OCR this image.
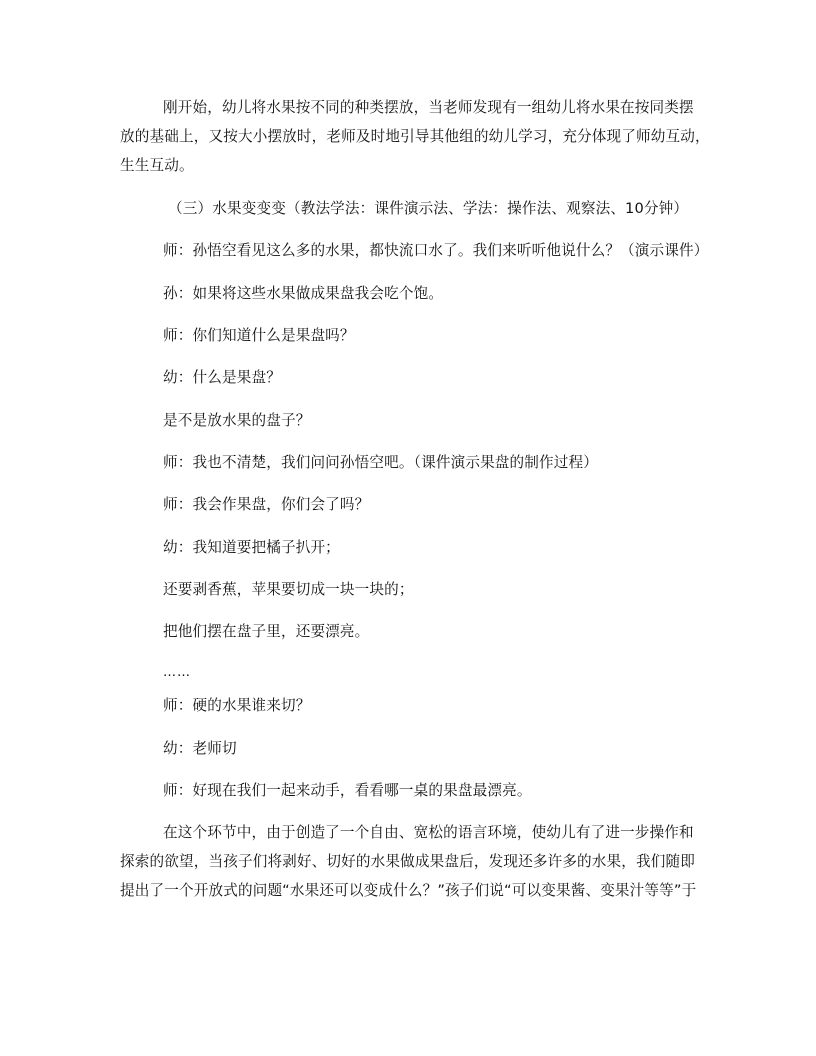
刚开始，幼儿将水果按不同的种类摆放，当老师发现有一组幼儿将水果在按同类摆
放的基础上，又按大小摆放时，老师及时地引导其他组的幼儿学习，充分体现了师幼互动，
生生互动。
（三）水果变变变（教法学法：课件演示法、学法：操作法、观察法、10分钟）
师：孙悟空看见这么多的水果，都快流口水了。我们来听听他说什么？（演示课件）
孙：如果将这些水果做成果盘我会吃个饱。
师：你们知道什么是果盘吗？
幼：什么是果盘？
是不是放水果的盘子？
师：我也不清楚，我们问问孙悟空吧。（课件演示果盘的制作过程）
师：我会作果盘，你们会了吗？
幼：我知道要把橘子扒开；
还要剥香蕉，苹果要切成一块一块的；
把他们摆在盘子里，还要漂亮。
……
师：硬的水果谁来切？
幼：老师切
师：好现在我们一起来动手，看看哪一桌的果盘最漂亮。
在这个环节中，由于创造了一个自由、宽松的语言环境，使幼儿有了进一步操作和
探索的欲望，当孩子们将剥好、切好的水果做成果盘后，发现还多许多的水果，我们随即
提出了一个开放式的问题“水果还可以变成什么？”孩子们说“可以变果酱、变果汁等等”于
